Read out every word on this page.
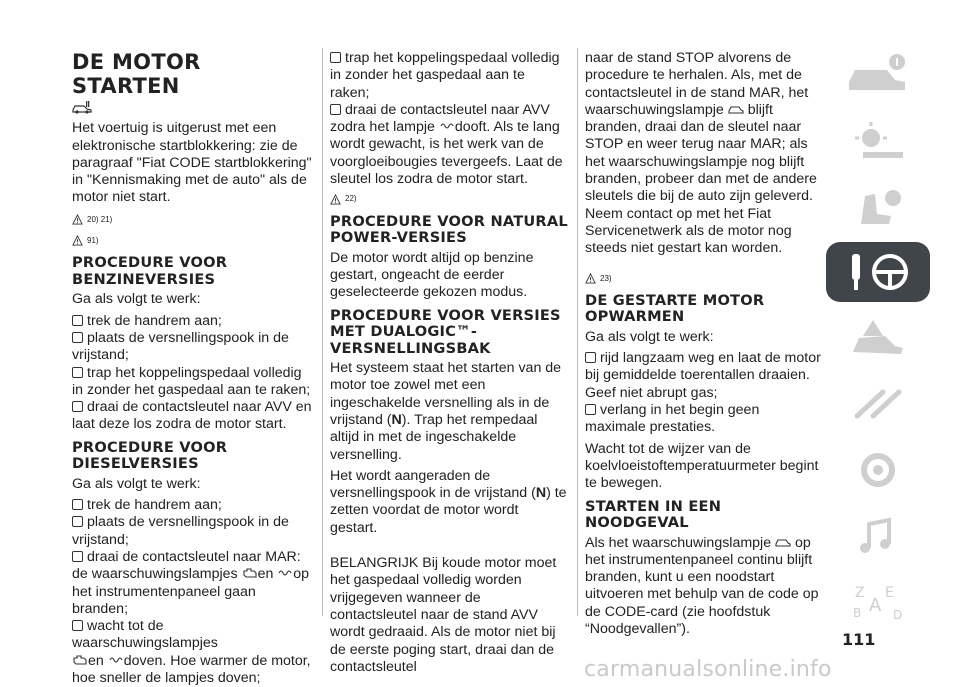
DE MOTOR STARTEN

Het voertuig is uitgerust met een elektronische startblokkering: zie de paragraaf "Fiat CODE startblokkering" in "Kennismaking met de auto" als de motor niet start.

20) 21)
91)
PROCEDURE VOOR BENZINEVERSIES

Ga als volgt te werk:

trek de handrem aan;
plaats de versnellingspook in de vrijstand;
trap het koppelingspedaal volledig in zonder het gaspedaal aan te raken;
draai de contactsleutel naar AVV en laat deze los zodra de motor start.
PROCEDURE VOOR DIESELVERSIES

Ga als volgt te werk:

trek de handrem aan;
plaats de versnellingspook in de vrijstand;
draai de contactsleutel naar MAR: de waarschuwingslampjes en op het instrumentenpaneel gaan branden;
wacht tot de waarschuwingslampjes
en doven. Hoe warmer de motor, hoe sneller de lampjes doven;
trap het koppelingspedaal volledig in zonder het gaspedaal aan te raken;
draai de contactsleutel naar AVV zodra het lampje dooft. Als te lang wordt gewacht, is het werk van de voorgloeibougies tevergeefs. Laat de sleutel los zodra de motor start.
22)
PROCEDURE VOOR NATURAL POWER-VERSIES

De motor wordt altijd op benzine gestart, ongeacht de eerder geselecteerde gekozen modus.

PROCEDURE VOOR VERSIES MET DUALOGIC™-VERSNELLINGSBAK

Het systeem staat het starten van de motor toe zowel met een ingeschakelde versnelling als in de vrijstand (N). Trap het rempedaal altijd in met de ingeschakelde versnelling.

Het wordt aangeraden de versnellingspook in de vrijstand (N) te zetten voordat de motor wordt gestart.

BELANGRIJK Bij koude motor moet het gaspedaal volledig worden vrijgegeven wanneer de contactsleutel naar de stand AVV wordt gedraaid. Als de motor niet bij de eerste poging start, draai dan de contactsleutel

naar de stand STOP alvorens de procedure te herhalen. Als, met de contactsleutel in de stand MAR, het waarschuwingslampje blijft branden, draai dan de sleutel naar STOP en weer terug naar MAR; als het waarschuwingslampje nog blijft branden, probeer dan met de andere sleutels die bij de auto zijn geleverd. Neem contact op met het Fiat Servicenetwerk als de motor nog steeds niet gestart kan worden.

23)
DE GESTARTE MOTOR OPWARMEN

Ga als volgt te werk:

rijd langzaam weg en laat de motor bij gemiddelde toerentallen draaien. Geef niet abrupt gas;
verlang in het begin geen maximale prestaties.

Wacht tot de wijzer van de koelvloeistoftemperatuurmeter begint te bewegen.

STARTEN IN EEN NOODGEVAL

Als het waarschuwingslampje op het instrumentenpaneel continu blijft branden, kunt u een noodstart uitvoeren met behulp van de code op de CODE-card (zie hoofdstuk “Noodgevallen”).

Z E
A
B	D
111
carmanualsonline.info
